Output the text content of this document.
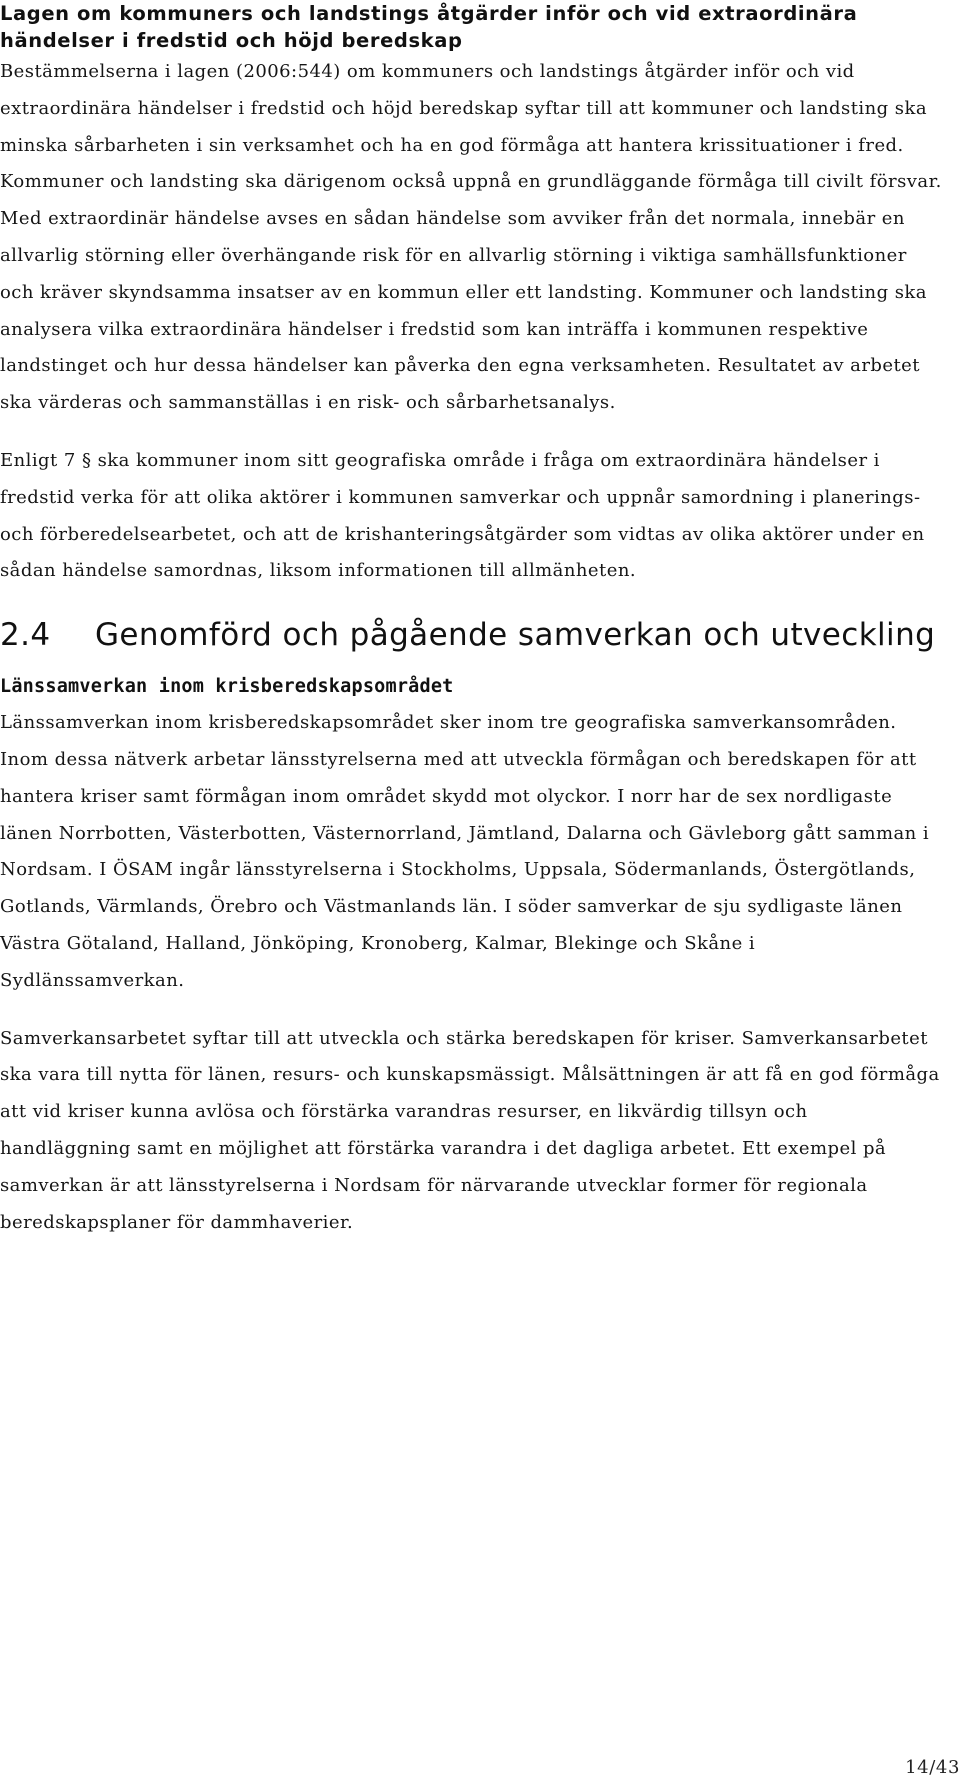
Lagen om kommuners och landstings åtgärder inför och vid extraordinära händelser i fredstid och höjd beredskap

Bestämmelserna i lagen (2006:544) om kommuners och landstings åtgärder inför och vid extraordinära händelser i fredstid och höjd beredskap syftar till att kommuner och landsting ska minska sårbarheten i sin verksamhet och ha en god förmåga att hantera krissituationer i fred. Kommuner och landsting ska därigenom också uppnå en grundläggande förmåga till civilt försvar. Med extraordinär händelse avses en sådan händelse som avviker från det normala, innebär en allvarlig störning eller överhängande risk för en allvarlig störning i viktiga samhällsfunktioner och kräver skyndsamma insatser av en kommun eller ett landsting. Kommuner och landsting ska analysera vilka extraordinära händelser i fredstid som kan inträffa i kommunen respektive landstinget och hur dessa händelser kan påverka den egna verksamheten. Resultatet av arbetet ska värderas och sammanställas i en risk- och sårbarhetsanalys.

Enligt 7 § ska kommuner inom sitt geografiska område i fråga om extraordinära händelser i fredstid verka för att olika aktörer i kommunen samverkar och uppnår samordning i planerings- och förberedelsearbetet, och att de krishanteringsåtgärder som vidtas av olika aktörer under en sådan händelse samordnas, liksom informationen till allmänheten.

2.4	Genomförd och pågående samverkan och utveckling
Länssamverkan inom krisberedskapsområdet

Länssamverkan inom krisberedskapsområdet sker inom tre geografiska samverkansområden. Inom dessa nätverk arbetar länsstyrelserna med att utveckla förmågan och beredskapen för att hantera kriser samt förmågan inom området skydd mot olyckor. I norr har de sex nordligaste länen Norrbotten, Västerbotten, Västernorrland, Jämtland, Dalarna och Gävleborg gått samman i Nordsam. I ÖSAM ingår länsstyrelserna i Stockholms, Uppsala, Södermanlands, Östergötlands, Gotlands, Värmlands, Örebro och Västmanlands län. I söder samverkar de sju sydligaste länen Västra Götaland, Halland, Jönköping, Kronoberg, Kalmar, Blekinge och Skåne i Sydlänssamverkan.

Samverkansarbetet syftar till att utveckla och stärka beredskapen för kriser. Samverkansarbetet ska vara till nytta för länen, resurs- och kunskapsmässigt. Målsättningen är att få en god förmåga att vid kriser kunna avlösa och förstärka varandras resurser, en likvärdig tillsyn och handläggning samt en möjlighet att förstärka varandra i det dagliga arbetet. Ett exempel på samverkan är att länsstyrelserna i Nordsam för närvarande utvecklar former för regionala beredskapsplaner för dammhaverier.

14/43
